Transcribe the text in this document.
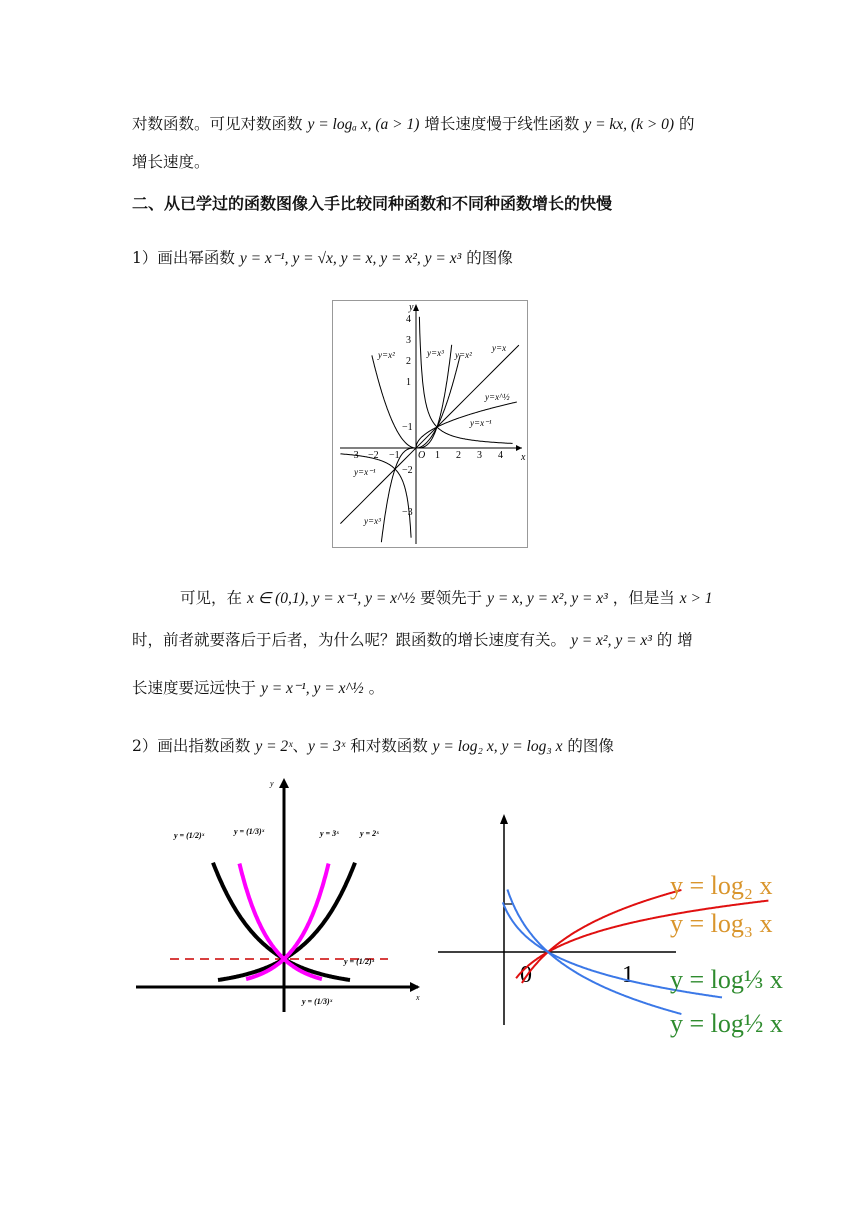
对数函数。可见对数函数 y = logₐ x, (a > 1) 增长速度慢于线性函数 y = kx, (k > 0) 的
增长速度。
二、从已学过的函数图像入手比较同种函数和不同种函数增长的快慢
1）画出幂函数 y = x⁻¹, y = √x, y = x, y = x², y = x³ 的图像
x
y
−3 −2 −1 O 1 2 3 4
4
3
2
1
−1
−2
−3
y=x²	y=x³ y=x²
y=x
y=x^½
y=x⁻¹
y=x⁻¹
y=x³
可见，在 x ∈ (0,1), y = x⁻¹, y = x^½ 要领先于 y = x, y = x², y = x³ ，但是当 x > 1
时，前者就要落后于后者，为什么呢？跟函数的增长速度有关。 y = x², y = x³ 的 增
长速度要远远快于 y = x⁻¹, y = x^½ 。
2）画出指数函数 y = 2ˣ、y = 3ˣ 和对数函数 y = log₂ x, y = log₃ x 的图像
x
y
y = (1/2)ˣ	y = (1/3)ˣ	y = 3ˣ	y = 2ˣ
y = (1/2)ˣ
y = (1/3)ˣ
0	1
y = log₂ x
y = log₃ x
y = log⅓ x
y = log½ x
